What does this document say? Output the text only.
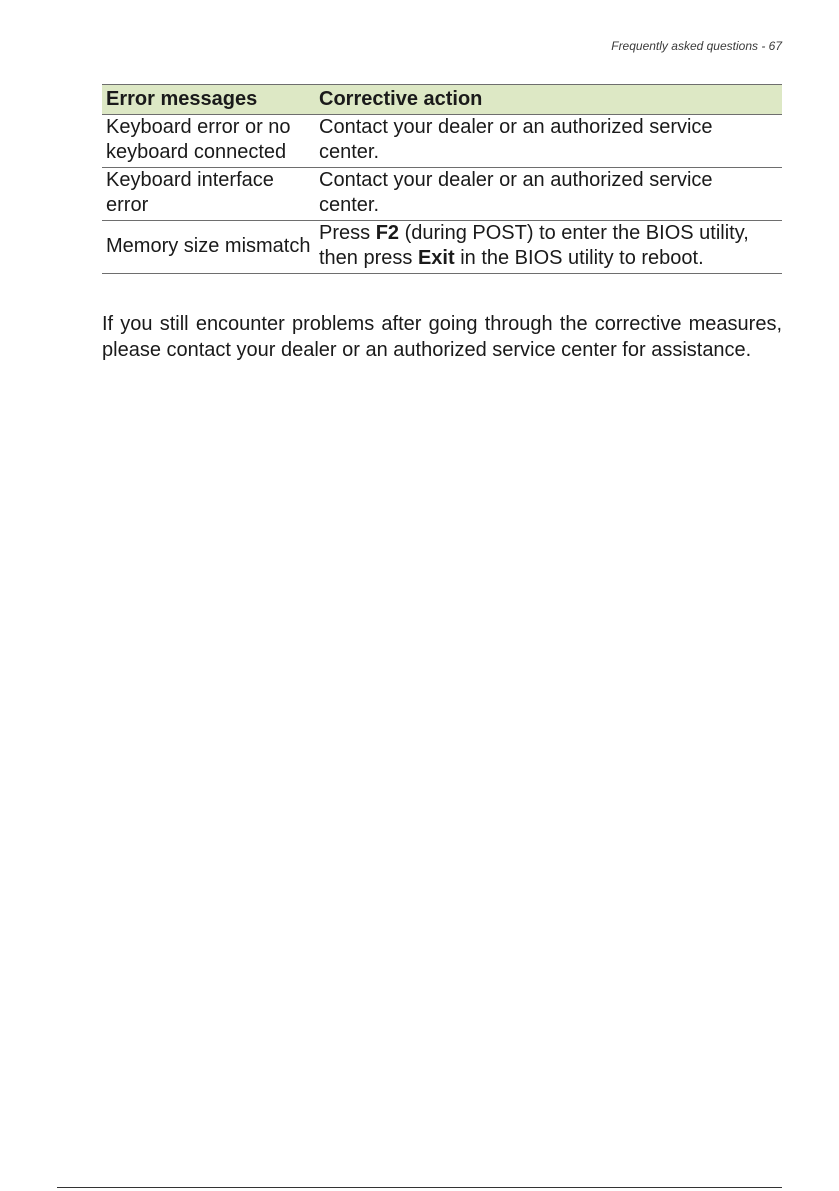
Frequently asked questions - 67
Error messages	Corrective action
Keyboard error or no keyboard connected	Contact your dealer or an authorized service center.
Keyboard interface error	Contact your dealer or an authorized service center.
Memory size mismatch	Press F2 (during POST) to enter the BIOS utility, then press Exit in the BIOS utility to reboot.

If you still encounter problems after going through the corrective measures, please contact your dealer or an authorized service center for assistance.
